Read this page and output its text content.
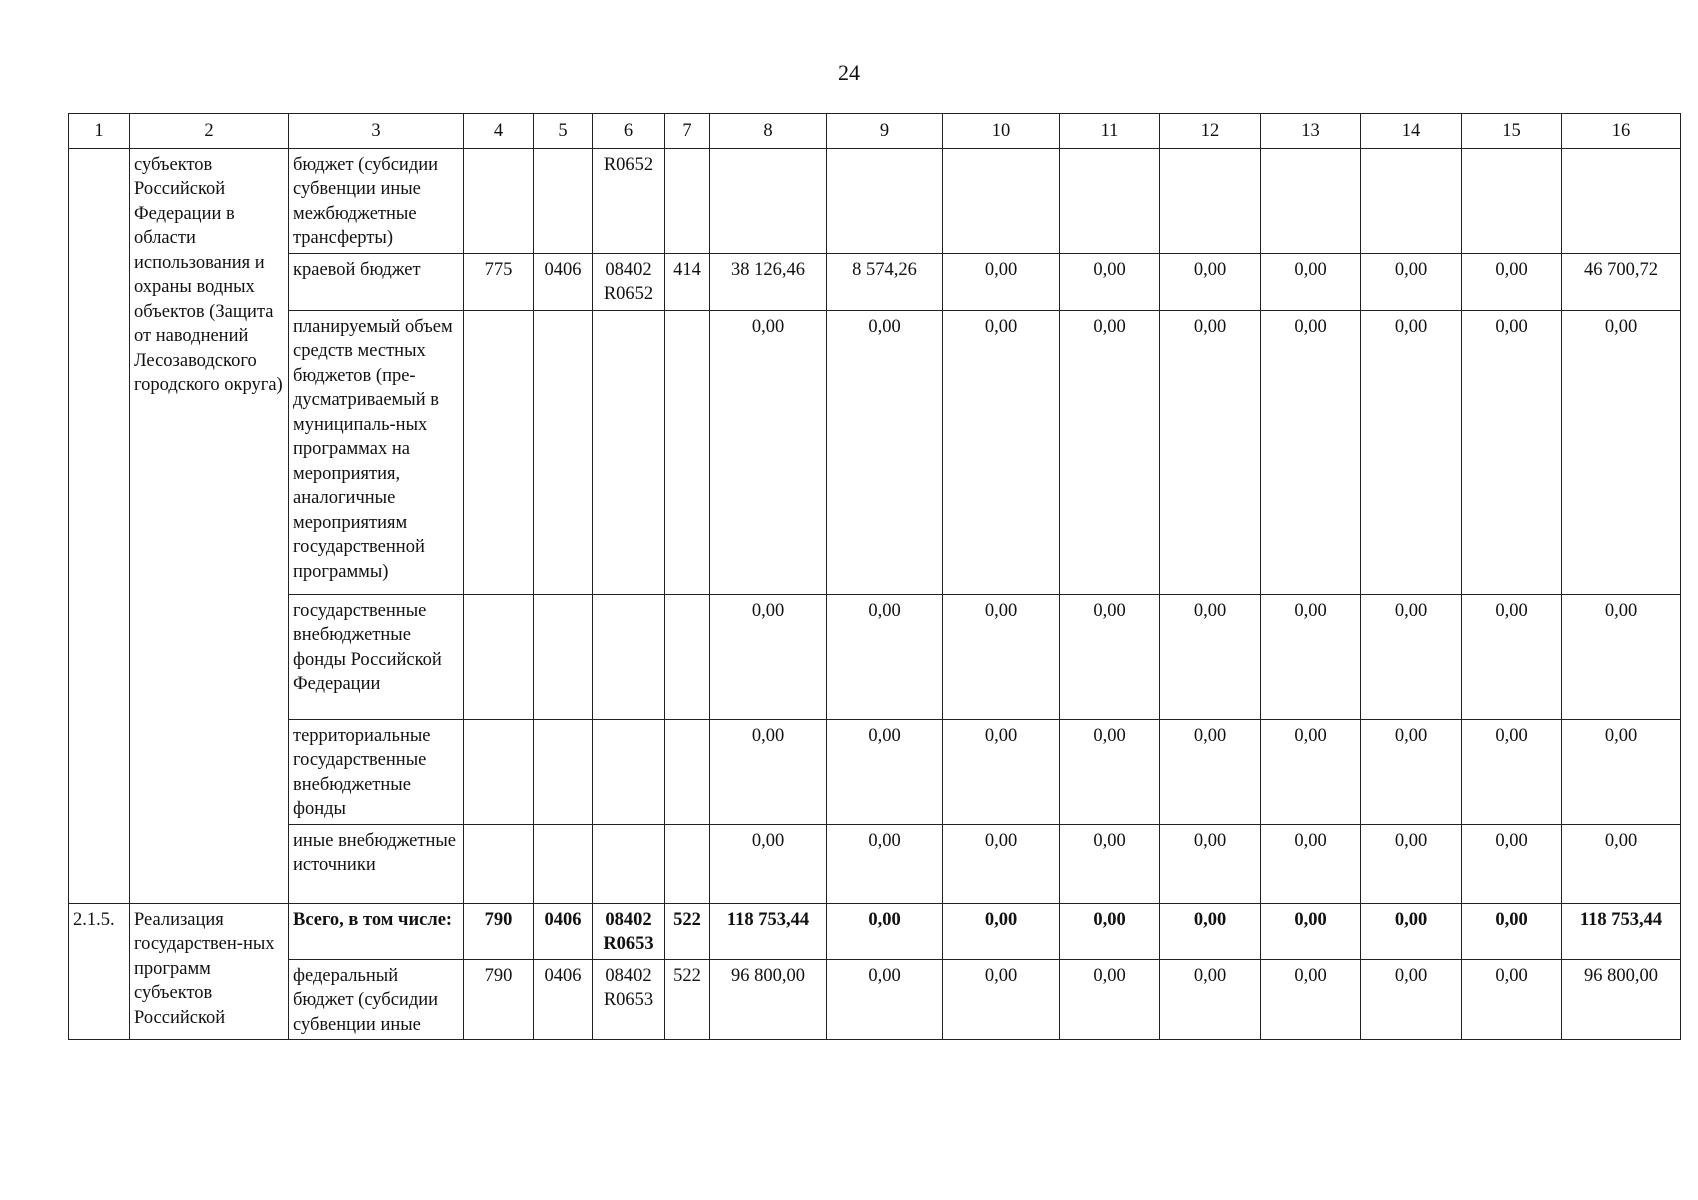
24
1	2	3	4	5	6	7	8	9	10	11	12	13	14	15	16
	субъектов Российской Федерации в области использования и охраны водных объектов (Защита от наводнений Лесозаводского городского округа)	бюджет (субсидии субвенции иные межбюджетные трансферты)			R0652										
		краевой бюджет	775	0406	08402 R0652	414	38 126,46	8 574,26	0,00	0,00	0,00	0,00	0,00	0,00	46 700,72
		планируемый объем средств местных бюджетов (пре-дусматриваемый в муниципаль-ных программах на мероприятия, аналогичные мероприятиям государственной программы)					0,00	0,00	0,00	0,00	0,00	0,00	0,00	0,00	0,00
		государственные внебюджетные фонды Российской Федерации					0,00	0,00	0,00	0,00	0,00	0,00	0,00	0,00	0,00
		территориальные государственные внебюджетные фонды					0,00	0,00	0,00	0,00	0,00	0,00	0,00	0,00	0,00
		иные внебюджетные источники					0,00	0,00	0,00	0,00	0,00	0,00	0,00	0,00	0,00
2.1.5.	Реализация государствен-ных программ субъектов Российской	Всего, в том числе:	790	0406	08402 R0653	522	118 753,44	0,00	0,00	0,00	0,00	0,00	0,00	0,00	118 753,44
		федеральный бюджет (субсидии субвенции иные	790	0406	08402 R0653	522	96 800,00	0,00	0,00	0,00	0,00	0,00	0,00	0,00	96 800,00
